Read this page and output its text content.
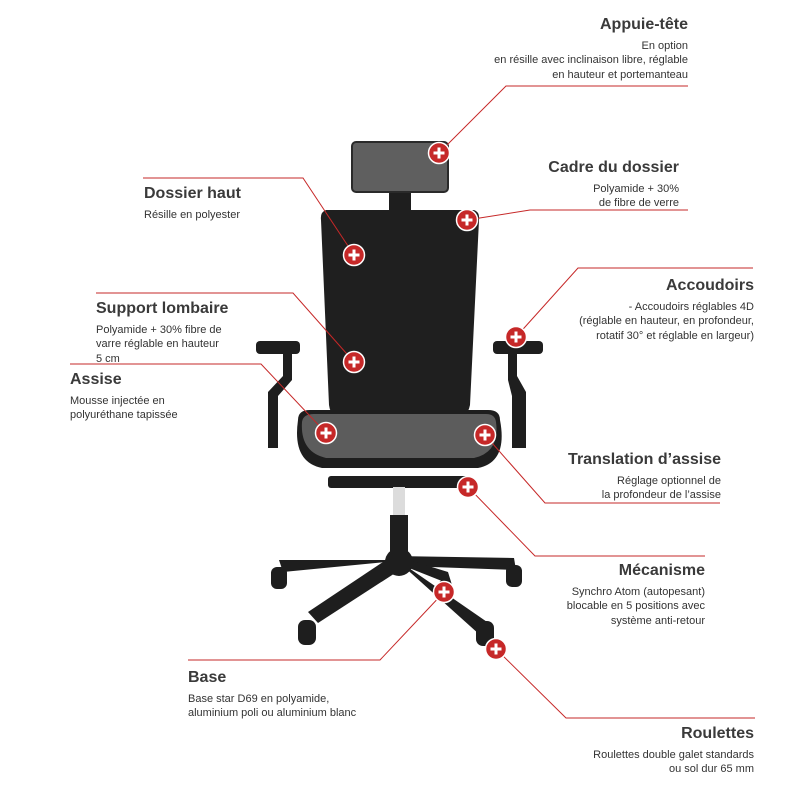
Appuie-tête
En option
en résille avec inclinaison libre, réglable
en hauteur et portemanteau
Cadre du dossier
Polyamide + 30%
de fibre de verre
Dossier haut
Résille en polyester
Accoudoirs
- Accoudoirs réglables 4D
(réglable en hauteur, en profondeur,
rotatif 30° et réglable en largeur)
Support lombaire
Polyamide + 30% fibre de
varre réglable en hauteur
5 cm
Assise
Mousse injectée en
polyuréthane tapissée
Translation d’assise
Réglage optionnel de
la profondeur de l’assise
Mécanisme
Synchro Atom (autopesant)
blocable en 5 positions avec
système anti-retour
Base
Base star D69 en polyamide,
aluminium poli ou aluminium blanc
Roulettes
Roulettes double galet standards
ou sol dur 65 mm
